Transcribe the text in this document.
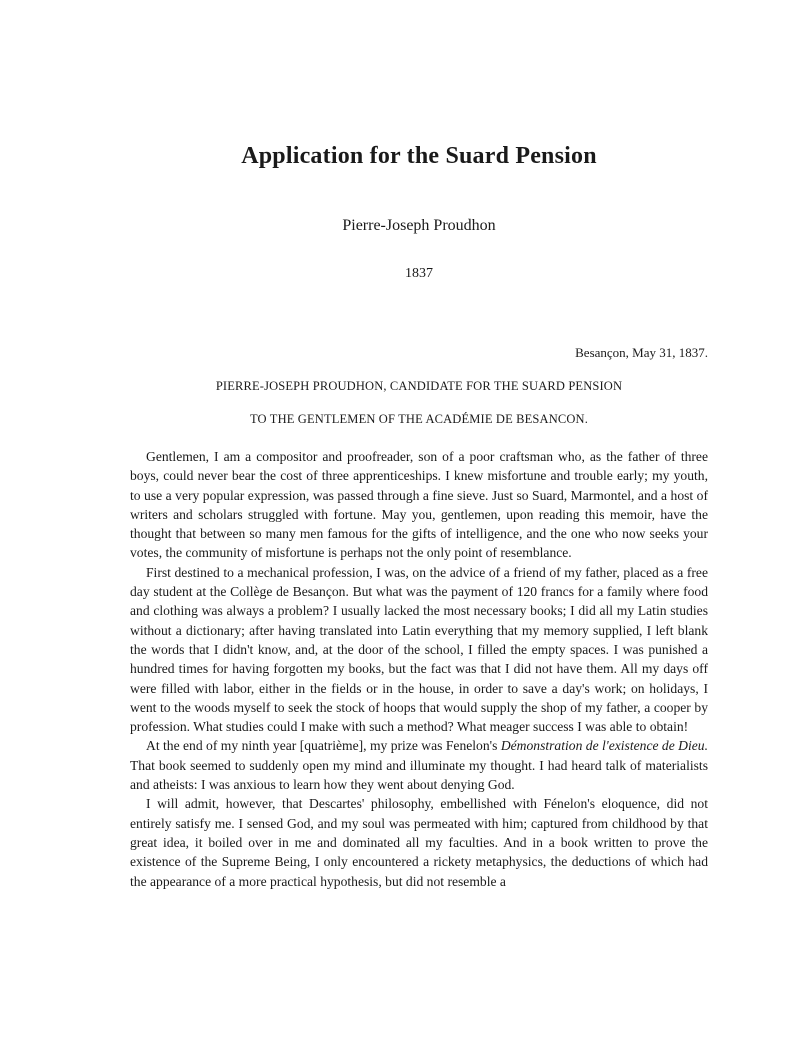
Application for the Suard Pension
Pierre-Joseph Proudhon
1837
Besançon, May 31, 1837.
PIERRE-JOSEPH PROUDHON, CANDIDATE FOR THE SUARD PENSION
TO THE GENTLEMEN OF THE ACADÉMIE DE BESANCON.

Gentlemen, I am a compositor and proofreader, son of a poor craftsman who, as the father of three boys, could never bear the cost of three apprenticeships. I knew misfortune and trouble early; my youth, to use a very popular expression, was passed through a fine sieve. Just so Suard, Marmontel, and a host of writers and scholars struggled with fortune. May you, gentlemen, upon reading this memoir, have the thought that between so many men famous for the gifts of intelligence, and the one who now seeks your votes, the community of misfortune is perhaps not the only point of resemblance.

First destined to a mechanical profession, I was, on the advice of a friend of my father, placed as a free day student at the Collège de Besançon. But what was the payment of 120 francs for a family where food and clothing was always a problem? I usually lacked the most necessary books; I did all my Latin studies without a dictionary; after having translated into Latin everything that my memory supplied, I left blank the words that I didn't know, and, at the door of the school, I filled the empty spaces. I was punished a hundred times for having forgotten my books, but the fact was that I did not have them. All my days off were filled with labor, either in the fields or in the house, in order to save a day's work; on holidays, I went to the woods myself to seek the stock of hoops that would supply the shop of my father, a cooper by profession. What studies could I make with such a method? What meager success I was able to obtain!

At the end of my ninth year [quatrième], my prize was Fenelon's Démonstration de l'existence de Dieu. That book seemed to suddenly open my mind and illuminate my thought. I had heard talk of materialists and atheists: I was anxious to learn how they went about denying God.

I will admit, however, that Descartes' philosophy, embellished with Fénelon's eloquence, did not entirely satisfy me. I sensed God, and my soul was permeated with him; captured from childhood by that great idea, it boiled over in me and dominated all my faculties. And in a book written to prove the existence of the Supreme Being, I only encountered a rickety metaphysics, the deductions of which had the appearance of a more practical hypothesis, but did not resemble a
